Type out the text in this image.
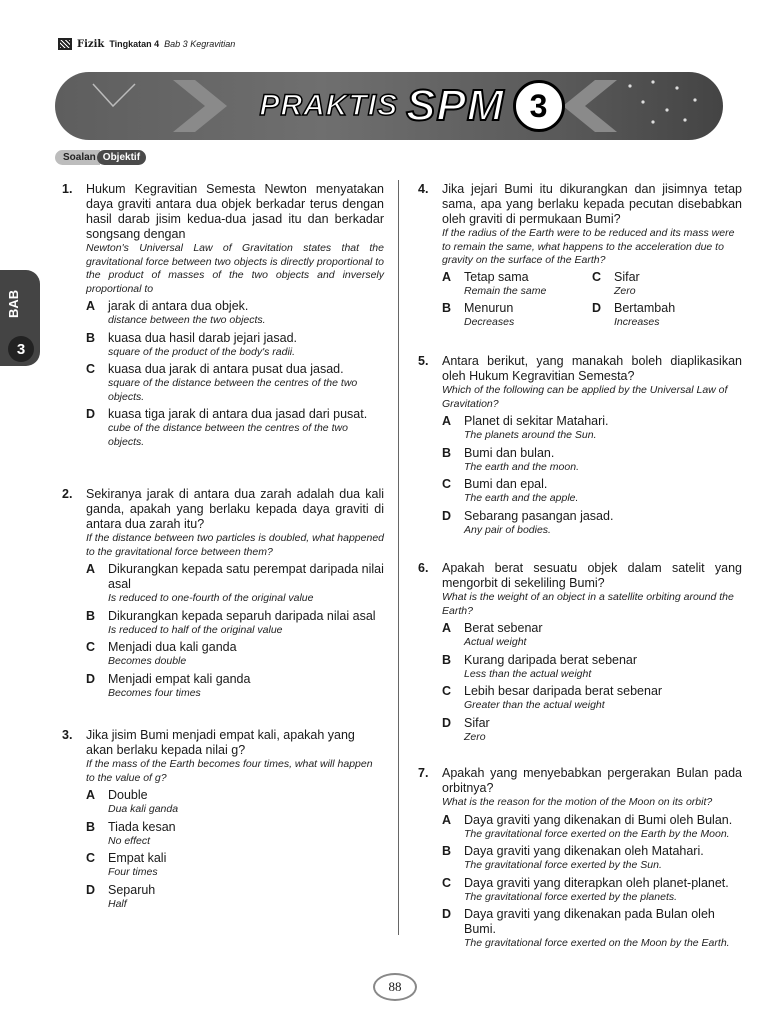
Fizik Tingkatan 4 Bab 3 Kegravitian
PRAKTIS SPM 3
Soalan Objektif
BAB
3
1. Hukum Kegravitian Semesta Newton menyatakan daya graviti antara dua objek berkadar terus dengan hasil darab jisim kedua-dua jasad itu dan berkadar songsang dengan
Newton's Universal Law of Gravitation states that the gravitational force between two objects is directly proportional to the product of masses of the two objects and inversely proportional to
A	jarak di antara dua objek.
distance between the two objects.
B	kuasa dua hasil darab jejari jasad.
square of the product of the body's radii.
C	kuasa dua jarak di antara pusat dua jasad.
square of the distance between the centres of the two objects.
D	kuasa tiga jarak di antara dua jasad dari pusat.
cube of the distance between the centres of the two objects.
2. Sekiranya jarak di antara dua zarah adalah dua kali ganda, apakah yang berlaku kepada daya graviti di antara dua zarah itu?
If the distance between two particles is doubled, what happened to the gravitational force between them?
A	Dikurangkan kepada satu perempat daripada nilai asal
Is reduced to one-fourth of the original value
B	Dikurangkan kepada separuh daripada nilai asal
Is reduced to half of the original value
C	Menjadi dua kali ganda
Becomes double
D	Menjadi empat kali ganda
Becomes four times
3. Jika jisim Bumi menjadi empat kali, apakah yang akan berlaku kepada nilai g?
If the mass of the Earth becomes four times, what will happen to the value of g?
A	Double
Dua kali ganda
B	Tiada kesan
No effect
C	Empat kali
Four times
D	Separuh
Half
4. Jika jejari Bumi itu dikurangkan dan jisimnya tetap sama, apa yang berlaku kepada pecutan disebabkan oleh graviti di permukaan Bumi?
If the radius of the Earth were to be reduced and its mass were to remain the same, what happens to the acceleration due to gravity on the surface of the Earth?
A	Tetap sama
Remain the same
C	Sifar
Zero
B	Menurun
Decreases
D	Bertambah
Increases
5. Antara berikut, yang manakah boleh diaplikasikan oleh Hukum Kegravitian Semesta?
Which of the following can be applied by the Universal Law of Gravitation?
A	Planet di sekitar Matahari.
The planets around the Sun.
B	Bumi dan bulan.
The earth and the moon.
C	Bumi dan epal.
The earth and the apple.
D	Sebarang pasangan jasad.
Any pair of bodies.
6. Apakah berat sesuatu objek dalam satelit yang mengorbit di sekeliling Bumi?
What is the weight of an object in a satellite orbiting around the Earth?
A	Berat sebenar
Actual weight
B	Kurang daripada berat sebenar
Less than the actual weight
C	Lebih besar daripada berat sebenar
Greater than the actual weight
D	Sifar
Zero
7. Apakah yang menyebabkan pergerakan Bulan pada orbitnya?
What is the reason for the motion of the Moon on its orbit?
A	Daya graviti yang dikenakan di Bumi oleh Bulan.
The gravitational force exerted on the Earth by the Moon.
B	Daya graviti yang dikenakan oleh Matahari.
The gravitational force exerted by the Sun.
C	Daya graviti yang diterapkan oleh planet-planet.
The gravitational force exerted by the planets.
D	Daya graviti yang dikenakan pada Bulan oleh Bumi.
The gravitational force exerted on the Moon by the Earth.
88
